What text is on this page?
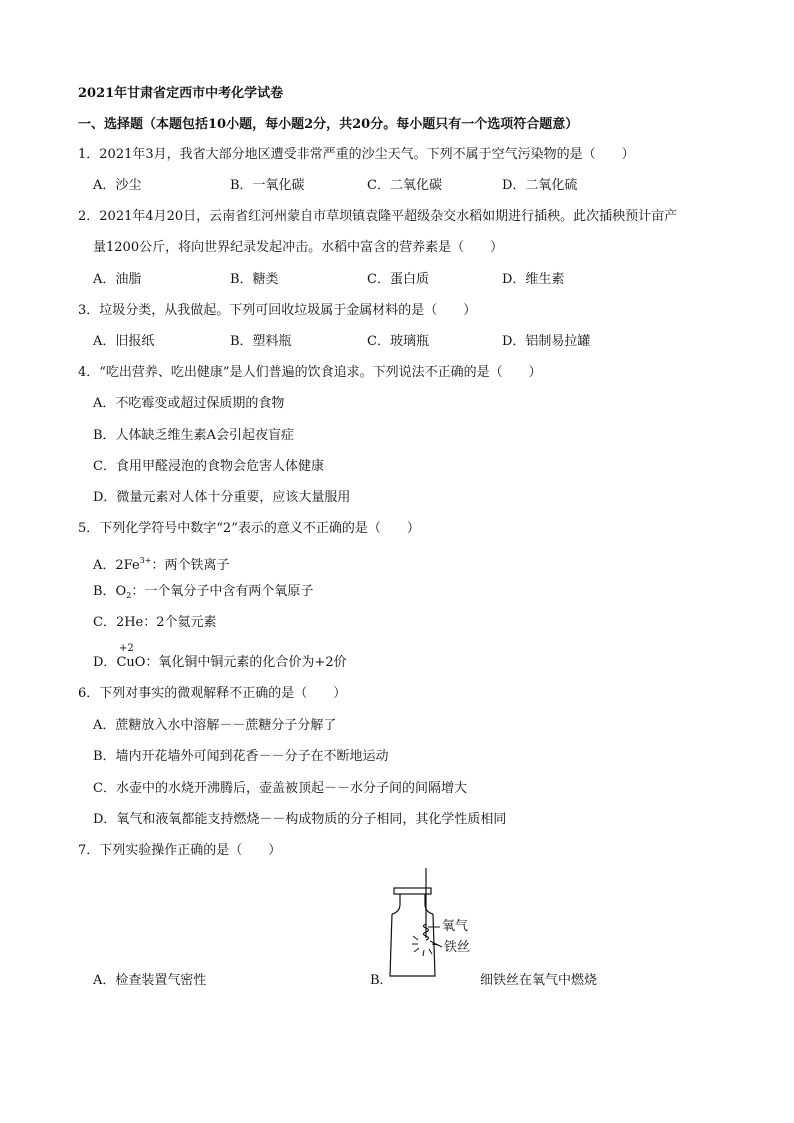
2021年甘肃省定西市中考化学试卷
一、选择题（本题包括10小题，每小题2分，共20分。每小题只有一个选项符合题意）
1．2021年3月，我省大部分地区遭受非常严重的沙尘天气。下列不属于空气污染物的是（　　）
A．沙尘	B．一氧化碳	C．二氧化碳	D．二氧化硫
2．2021年4月20日，云南省红河州蒙自市草坝镇袁隆平超级杂交水稻如期进行插秧。此次插秧预计亩产
量1200公斤，将向世界纪录发起冲击。水稻中富含的营养素是（　　）
A．油脂	B．糖类	C．蛋白质	D．维生素
3．垃圾分类，从我做起。下列可回收垃圾属于金属材料的是（　　）
A．旧报纸	B．塑料瓶	C．玻璃瓶	D．铝制易拉罐
4．“吃出营养、吃出健康”是人们普遍的饮食追求。下列说法不正确的是（　　）
A．不吃霉变或超过保质期的食物
B．人体缺乏维生素A会引起夜盲症
C．食用甲醛浸泡的食物会危害人体健康
D．微量元素对人体十分重要，应该大量服用
5．下列化学符号中数字“2”表示的意义不正确的是（　　）
A．$2Fe^{3+}$：两个铁离子
B．$O_2$：一个氧分子中含有两个氧原子
C．2He：2个氦元素
+2
D．CuO：氧化铜中铜元素的化合价为+2价
6．下列对事实的微观解释不正确的是（　　）
A．蔗糖放入水中溶解－－蔗糖分子分解了
B．墙内开花墙外可闻到花香－－分子在不断地运动
C．水壶中的水烧开沸腾后，壶盖被顶起－－水分子间的间隔增大
D．氧气和液氧都能支持燃烧－－构成物质的分子相同，其化学性质相同
7．下列实验操作正确的是（　　）
氧气
铁丝
A．检查装置气密性	B．	细铁丝在氧气中燃烧
